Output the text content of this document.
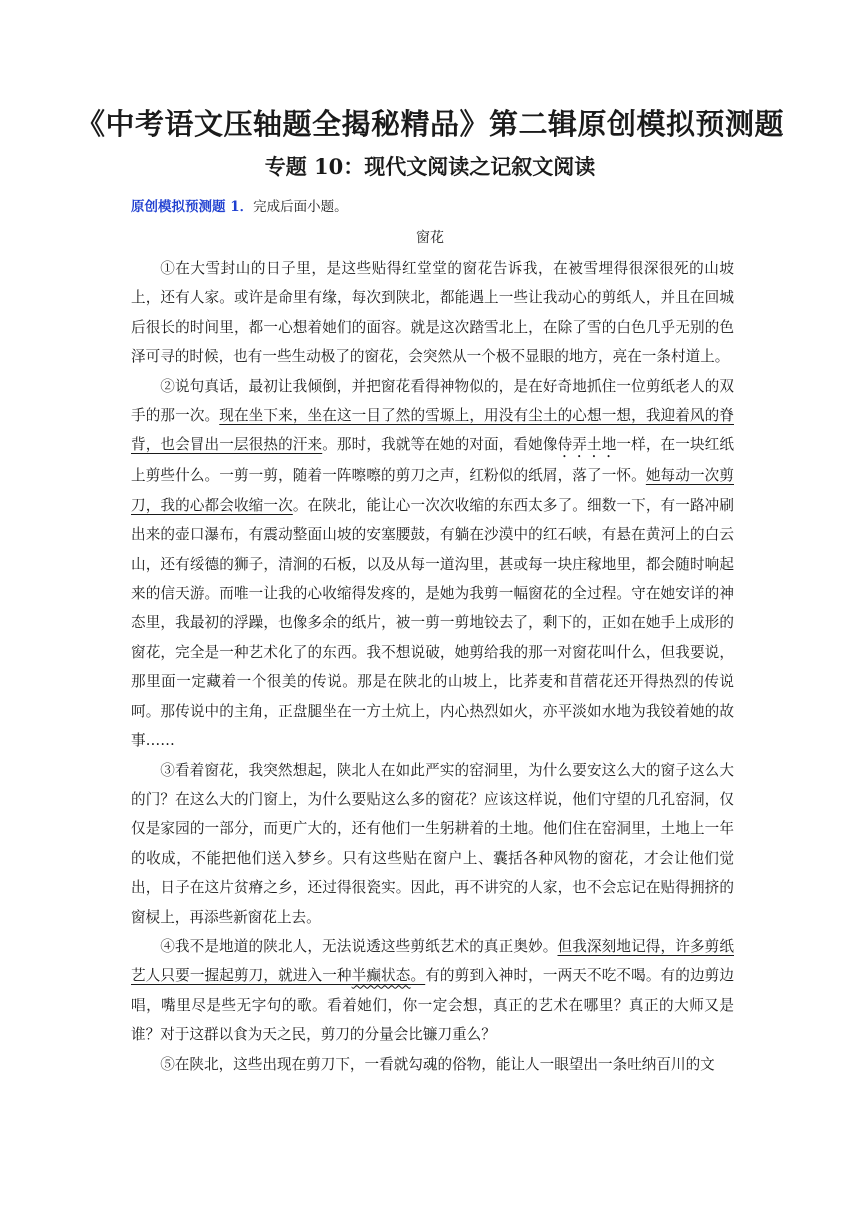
《中考语文压轴题全揭秘精品》第二辑原创模拟预测题
专题 10：现代文阅读之记叙文阅读
原创模拟预测题 1．完成后面小题。
窗花

①在大雪封山的日子里，是这些贴得红堂堂的窗花告诉我，在被雪埋得很深很死的山坡上，还有人家。或许是命里有缘，每次到陕北，都能遇上一些让我动心的剪纸人，并且在回城后很长的时间里，都一心想着她们的面容。就是这次踏雪北上，在除了雪的白色几乎无别的色泽可寻的时候，也有一些生动极了的窗花，会突然从一个极不显眼的地方，亮在一条村道上。

②说句真话，最初让我倾倒，并把窗花看得神物似的，是在好奇地抓住一位剪纸老人的双手的那一次。现在坐下来，坐在这一目了然的雪塬上，用没有尘土的心想一想，我迎着风的脊背，也会冒出一层很热的汗来。那时，我就等在她的对面，看她像侍弄土地一样，在一块红纸上剪些什么。一剪一剪，随着一阵嚓嚓的剪刀之声，红粉似的纸屑，落了一怀。她每动一次剪刀，我的心都会收缩一次。在陕北，能让心一次次收缩的东西太多了。细数一下，有一路冲刷出来的壶口瀑布，有震动整面山坡的安塞腰鼓，有躺在沙漠中的红石峡，有悬在黄河上的白云山，还有绥德的狮子，清涧的石板，以及从每一道沟里，甚或每一块庄稼地里，都会随时响起来的信天游。而唯一让我的心收缩得发疼的，是她为我剪一幅窗花的全过程。守在她安详的神态里，我最初的浮躁，也像多余的纸片，被一剪一剪地铰去了，剩下的，正如在她手上成形的窗花，完全是一种艺术化了的东西。我不想说破，她剪给我的那一对窗花叫什么，但我要说，那里面一定藏着一个很美的传说。那是在陕北的山坡上，比荞麦和苜蓿花还开得热烈的传说呵。那传说中的主角，正盘腿坐在一方土炕上，内心热烈如火，亦平淡如水地为我铰着她的故事……

③看着窗花，我突然想起，陕北人在如此严实的窑洞里，为什么要安这么大的窗子这么大的门？在这么大的门窗上，为什么要贴这么多的窗花？应该这样说，他们守望的几孔窑洞，仅仅是家园的一部分，而更广大的，还有他们一生躬耕着的土地。他们住在窑洞里，土地上一年的收成，不能把他们送入梦乡。只有这些贴在窗户上、囊括各种风物的窗花，才会让他们觉出，日子在这片贫瘠之乡，还过得很瓷实。因此，再不讲究的人家，也不会忘记在贴得拥挤的窗棂上，再添些新窗花上去。

④我不是地道的陕北人，无法说透这些剪纸艺术的真正奥妙。但我深刻地记得，许多剪纸艺人只要一握起剪刀，就进入一种半癫状态。有的剪到入神时，一两天不吃不喝。有的边剪边唱，嘴里尽是些无字句的歌。看着她们，你一定会想，真正的艺术在哪里？真正的大师又是谁？对于这群以食为天之民，剪刀的分量会比镰刀重么？

⑤在陕北，这些出现在剪刀下，一看就勾魂的俗物，能让人一眼望出一条吐纳百川的文
